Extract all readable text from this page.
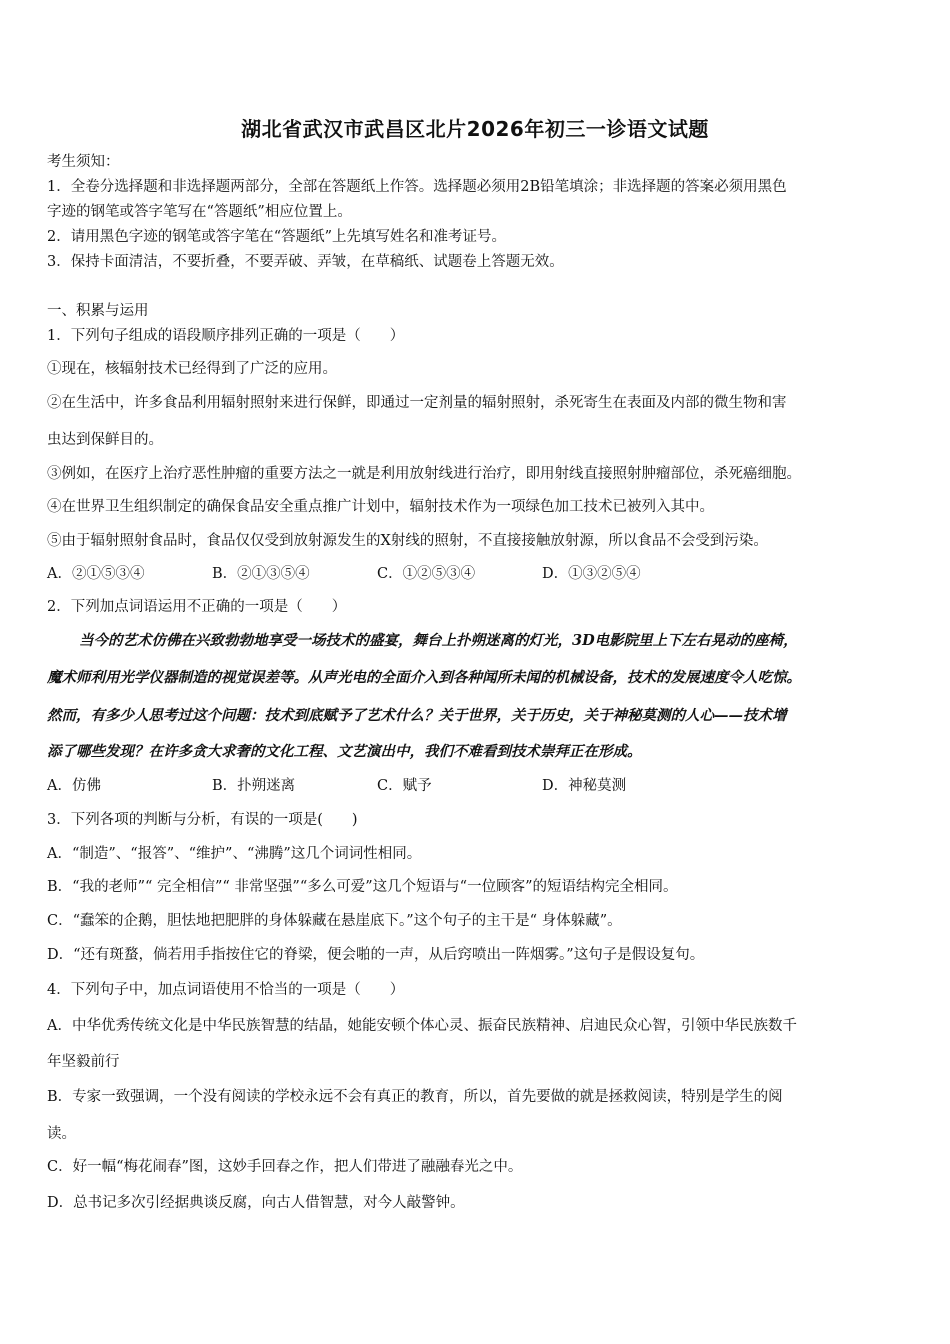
湖北省武汉市武昌区北片2026年初三一诊语文试题
考生须知：
1．全卷分选择题和非选择题两部分，全部在答题纸上作答。选择题必须用2B铅笔填涂；非选择题的答案必须用黑色
字迹的钢笔或答字笔写在“答题纸”相应位置上。
2．请用黑色字迹的钢笔或答字笔在“答题纸”上先填写姓名和准考证号。
3．保持卡面清洁，不要折叠，不要弄破、弄皱，在草稿纸、试题卷上答题无效。
一、积累与运用
1．下列句子组成的语段顺序排列正确的一项是（　　）
①现在，核辐射技术已经得到了广泛的应用。
②在生活中，许多食品利用辐射照射来进行保鲜，即通过一定剂量的辐射照射，杀死寄生在表面及内部的微生物和害
虫达到保鲜目的。
③例如，在医疗上治疗恶性肿瘤的重要方法之一就是利用放射线进行治疗，即用射线直接照射肿瘤部位，杀死癌细胞。
④在世界卫生组织制定的确保食品安全重点推广计划中，辐射技术作为一项绿色加工技术已被列入其中。
⑤由于辐射照射食品时，食品仅仅受到放射源发生的X射线的照射，不直接接触放射源，所以食品不会受到污染。
A．②①⑤③④	B．②①③⑤④	C．①②⑤③④	D．①③②⑤④
2．下列加点词语运用不正确的一项是（　　）
当今的艺术仿佛在兴致勃勃地享受一场技术的盛宴，舞台上扑朔迷离的灯光，3D电影院里上下左右晃动的座椅，
魔术师利用光学仪器制造的视觉误差等。从声光电的全面介入到各种闻所未闻的机械设备，技术的发展速度令人吃惊。
然而，有多少人思考过这个问题：技术到底赋予了艺术什么？关于世界，关于历史，关于神秘莫测的人心——技术增
添了哪些发现？在许多贪大求奢的文化工程、文艺演出中，我们不难看到技术崇拜正在形成。
A．仿佛	B．扑朔迷离	C．赋予	D．神秘莫测
3．下列各项的判断与分析，有误的一项是(　　)
A．“制造”、“报答”、“维护”、“沸腾”这几个词词性相同。
B．“我的老师”“ 完全相信”“ 非常坚强”“多么可爱”这几个短语与“一位顾客”的短语结构完全相同。
C．“蠢笨的企鹅，胆怯地把肥胖的身体躲藏在悬崖底下。”这个句子的主干是“ 身体躲藏”。
D．“还有斑蝥，倘若用手指按住它的脊梁，便会啪的一声，从后窍喷出一阵烟雾。”这句子是假设复句。
4．下列句子中，加点词语使用不恰当的一项是（　　）
A．中华优秀传统文化是中华民族智慧的结晶，她能安顿个体心灵、振奋民族精神、启迪民众心智，引领中华民族数千
年坚毅前行
B．专家一致强调，一个没有阅读的学校永远不会有真正的教育，所以，首先要做的就是拯救阅读，特别是学生的阅
读。
C．好一幅“梅花闹春”图，这妙手回春之作，把人们带进了融融春光之中。
D．总书记多次引经据典谈反腐，向古人借智慧，对今人敲警钟。
